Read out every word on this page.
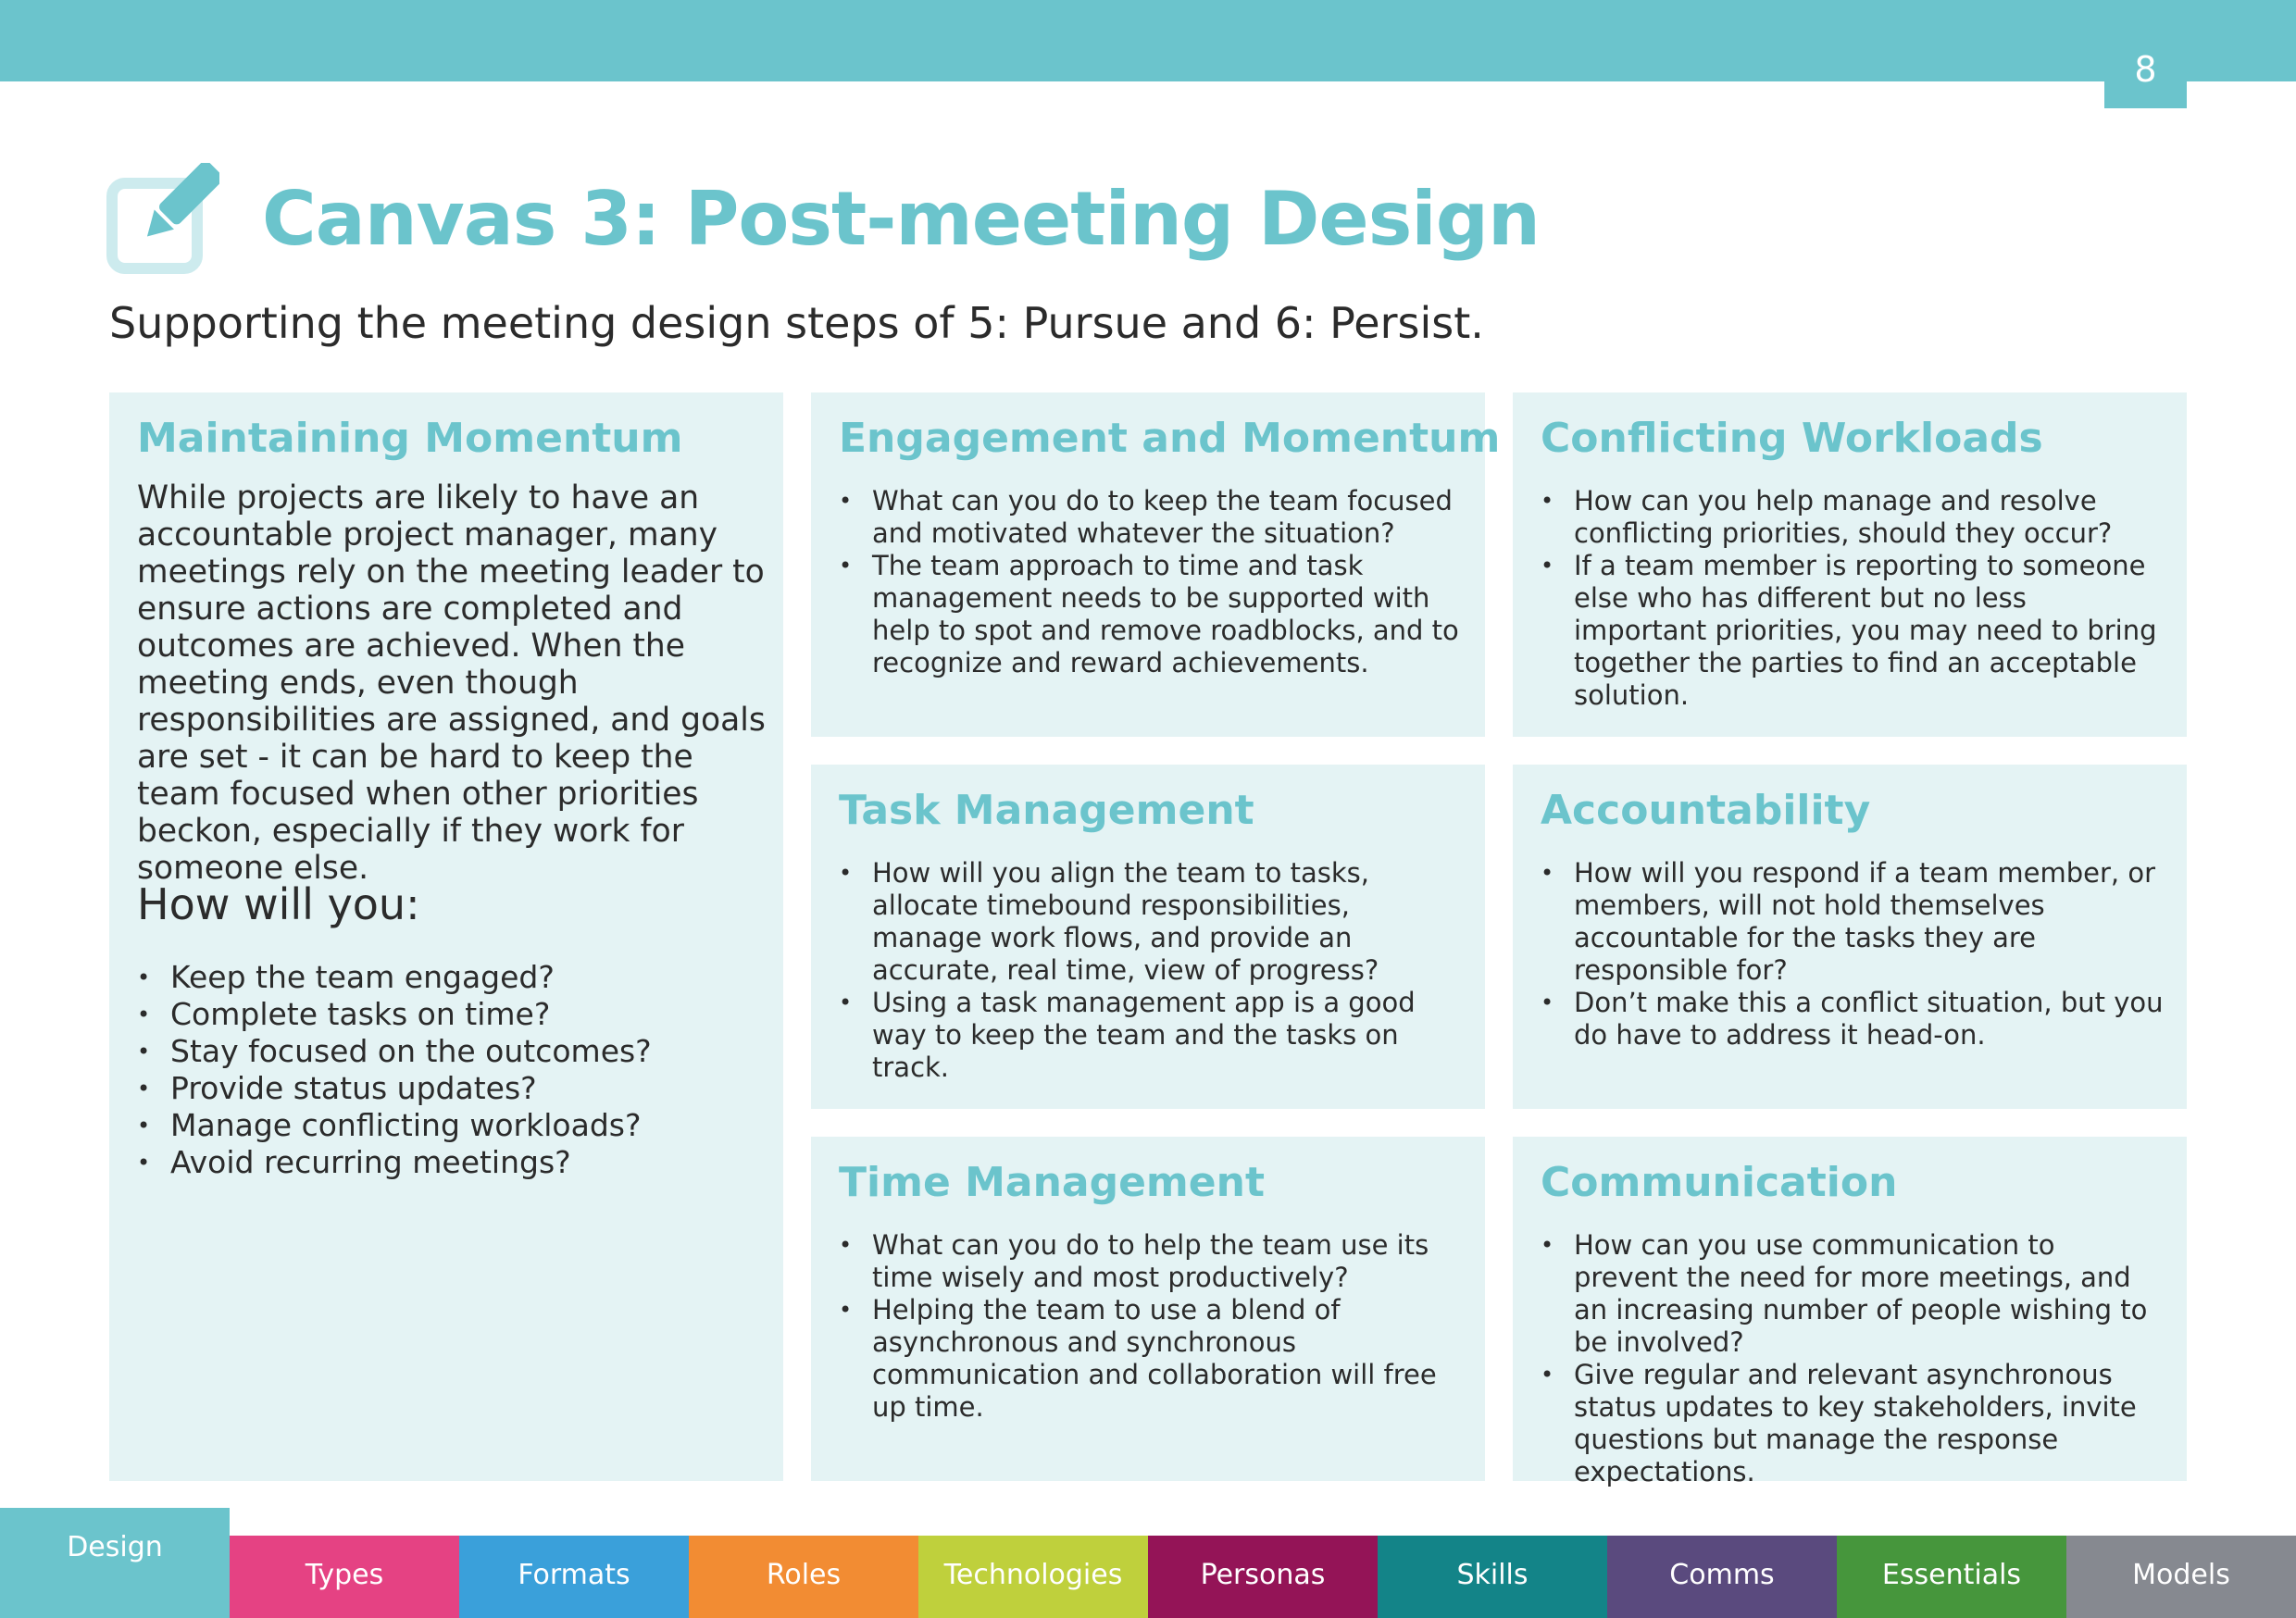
8
Canvas 3: Post-meeting Design
Supporting the meeting design steps of 5: Pursue and 6: Persist.
Maintaining Momentum

While projects are likely to have an accountable project manager, many meetings rely on the meeting leader to ensure actions are completed and outcomes are achieved. When the meeting ends, even though responsibilities are assigned, and goals are set - it can be hard to keep the team focused when other priorities beckon, especially if they work for someone else.

How will you:
• Keep the team engaged?
• Complete tasks on time?
• Stay focused on the outcomes?
• Provide status updates?
• Manage conflicting workloads?
• Avoid recurring meetings?
Engagement and Momentum
• What can you do to keep the team focused and motivated whatever the situation?
• The team approach to time and task management needs to be supported with help to spot and remove roadblocks, and to recognize and reward achievements.
Conflicting Workloads
• How can you help manage and resolve conflicting priorities, should they occur?
• If a team member is reporting to someone else who has different but no less important priorities, you may need to bring together the parties to find an acceptable solution.
Task Management
• How will you align the team to tasks, allocate timebound responsibilities, manage work flows, and provide an accurate, real time, view of progress?
• Using a task management app is a good way to keep the team and the tasks on track.
Accountability
• How will you respond if a team member, or members, will not hold themselves accountable for the tasks they are responsible for?
• Don’t make this a conflict situation, but you do have to address it head-on.
Time Management
• What can you do to help the team use its time wisely and most productively?
• Helping the team to use a blend of asynchronous and synchronous communication and collaboration will free up time.
Communication
• How can you use communication to prevent the need for more meetings, and an increasing number of people wishing to be involved?
• Give regular and relevant asynchronous status updates to key stakeholders, invite questions but manage the response expectations.
Design
Types	Formats	Roles	Technologies	Personas	Skills	Comms	Essentials	Models
